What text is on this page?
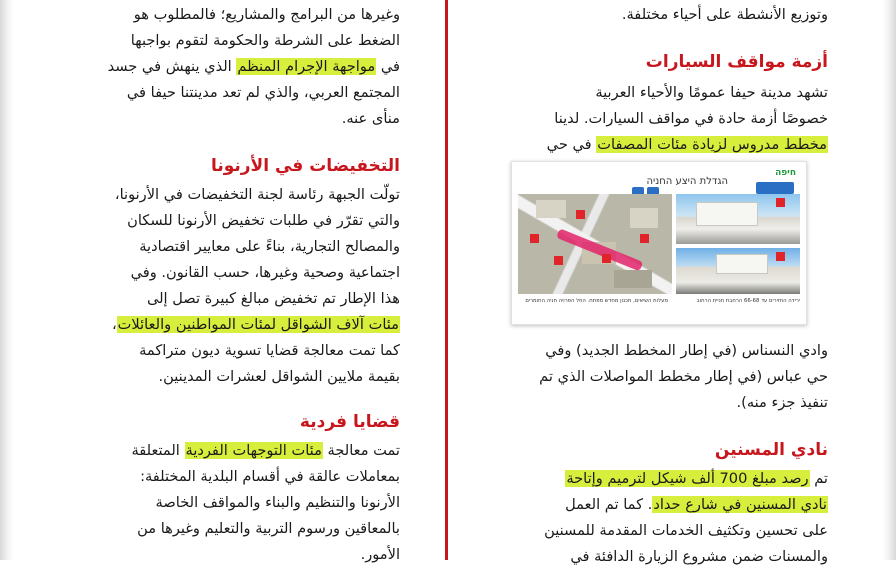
وتوزيع الأنشطة على أحياء مختلفة.

أزمة مواقف السيارات

تشهد مدينة حيفا عمومًا والأحياء العربية

خصوصًا أزمة حادة في مواقف السيارات. لدينا

مخطط مدروس لزيادة مئات المصفات في حي

חיפה
הגדלת היצע החניה
ירידה החזירים עד 66-68 הרחבת חניית הרחוב
מעלות השיאים, תכנון מחדש מפתח. הוזל הפרויה חניה החומרים

وادي النسناس (في إطار المخطط الجديد) وفي

حي عباس (في إطار مخطط المواصلات الذي تم

تنفيذ جزء منه).

نادي المسنين

تم رصد مبلغ 700 ألف شيكل لترميم وإتاحة

نادي المسنين في شارع حداد. كما تم العمل

على تحسين وتكثيف الخدمات المقدمة للمسنين

والمسنات ضمن مشروع الزيارة الدافئة في

وغيرها من البرامج والمشاريع؛ فالمطلوب هو

الضغط على الشرطة والحكومة لتقوم بواجبها

في مواجهة الإجرام المنظم الذي ينهش في جسد

المجتمع العربي، والذي لم تعد مدينتنا حيفا في

منأى عنه.

التخفيضات في الأرنونا

تولّت الجبهة رئاسة لجنة التخفيضات في الأرنونا،

والتي تقرّر في طلبات تخفيض الأرنونا للسكان

والمصالح التجارية، بناءً على معايير اقتصادية

اجتماعية وصحية وغيرها، حسب القانون. وفي

هذا الإطار تم تخفيض مبالغ كبيرة تصل إلى

مئات آلاف الشواقل لمئات المواطنين والعائلات،

كما تمت معالجة قضايا تسوية ديون متراكمة

بقيمة ملايين الشواقل لعشرات المدينين.

قضايا فردية

تمت معالجة مئات التوجهات الفردية المتعلقة

بمعاملات عالقة في أقسام البلدية المختلفة:

الأرنونا والتنظيم والبناء والمواقف الخاصة

بالمعاقين ورسوم التربية والتعليم وغيرها من

الأمور.
